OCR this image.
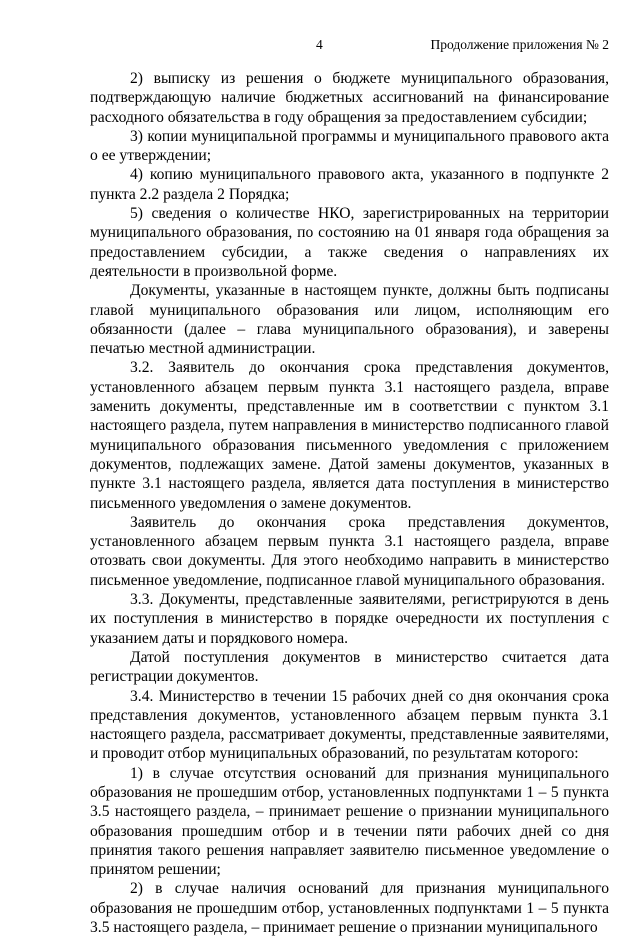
4	Продолжение приложения № 2

2) выписку из решения о бюджете муниципального образования, подтверждающую наличие бюджетных ассигнований на финансирование расходного обязательства в году обращения за предоставлением субсидии;

3) копии муниципальной программы и муниципального правового акта о ее утверждении;

4) копию муниципального правового акта, указанного в подпункте 2 пункта 2.2 раздела 2 Порядка;

5) сведения о количестве НКО, зарегистрированных на территории муниципального образования, по состоянию на 01 января года обращения за предоставлением субсидии, а также сведения о направлениях их деятельности в произвольной форме.

Документы, указанные в настоящем пункте, должны быть подписаны главой муниципального образования или лицом, исполняющим его обязанности (далее – глава муниципального образования), и заверены печатью местной администрации.

3.2. Заявитель до окончания срока представления документов, установленного абзацем первым пункта 3.1 настоящего раздела, вправе заменить документы, представленные им в соответствии с пунктом 3.1 настоящего раздела, путем направления в министерство подписанного главой муниципального образования письменного уведомления с приложением документов, подлежащих замене. Датой замены документов, указанных в пункте 3.1 настоящего раздела, является дата поступления в министерство письменного уведомления о замене документов.

Заявитель до окончания срока представления документов, установленного абзацем первым пункта 3.1 настоящего раздела, вправе отозвать свои документы. Для этого необходимо направить в министерство письменное уведомление, подписанное главой муниципального образования.

3.3. Документы, представленные заявителями, регистрируются в день их поступления в министерство в порядке очередности их поступления с указанием даты и порядкового номера.

Датой поступления документов в министерство считается дата регистрации документов.

3.4. Министерство в течении 15 рабочих дней со дня окончания срока представления документов, установленного абзацем первым пункта 3.1 настоящего раздела, рассматривает документы, представленные заявителями, и проводит отбор муниципальных образований, по результатам которого:

1) в случае отсутствия оснований для признания муниципального образования не прошедшим отбор, установленных подпунктами 1 – 5 пункта 3.5 настоящего раздела, – принимает решение о признании муниципального образования прошедшим отбор и в течении пяти рабочих дней со дня принятия такого решения направляет заявителю письменное уведомление о принятом решении;

2) в случае наличия оснований для признания муниципального образования не прошедшим отбор, установленных подпунктами 1 – 5 пункта 3.5 настоящего раздела, – принимает решение о признании муниципального
